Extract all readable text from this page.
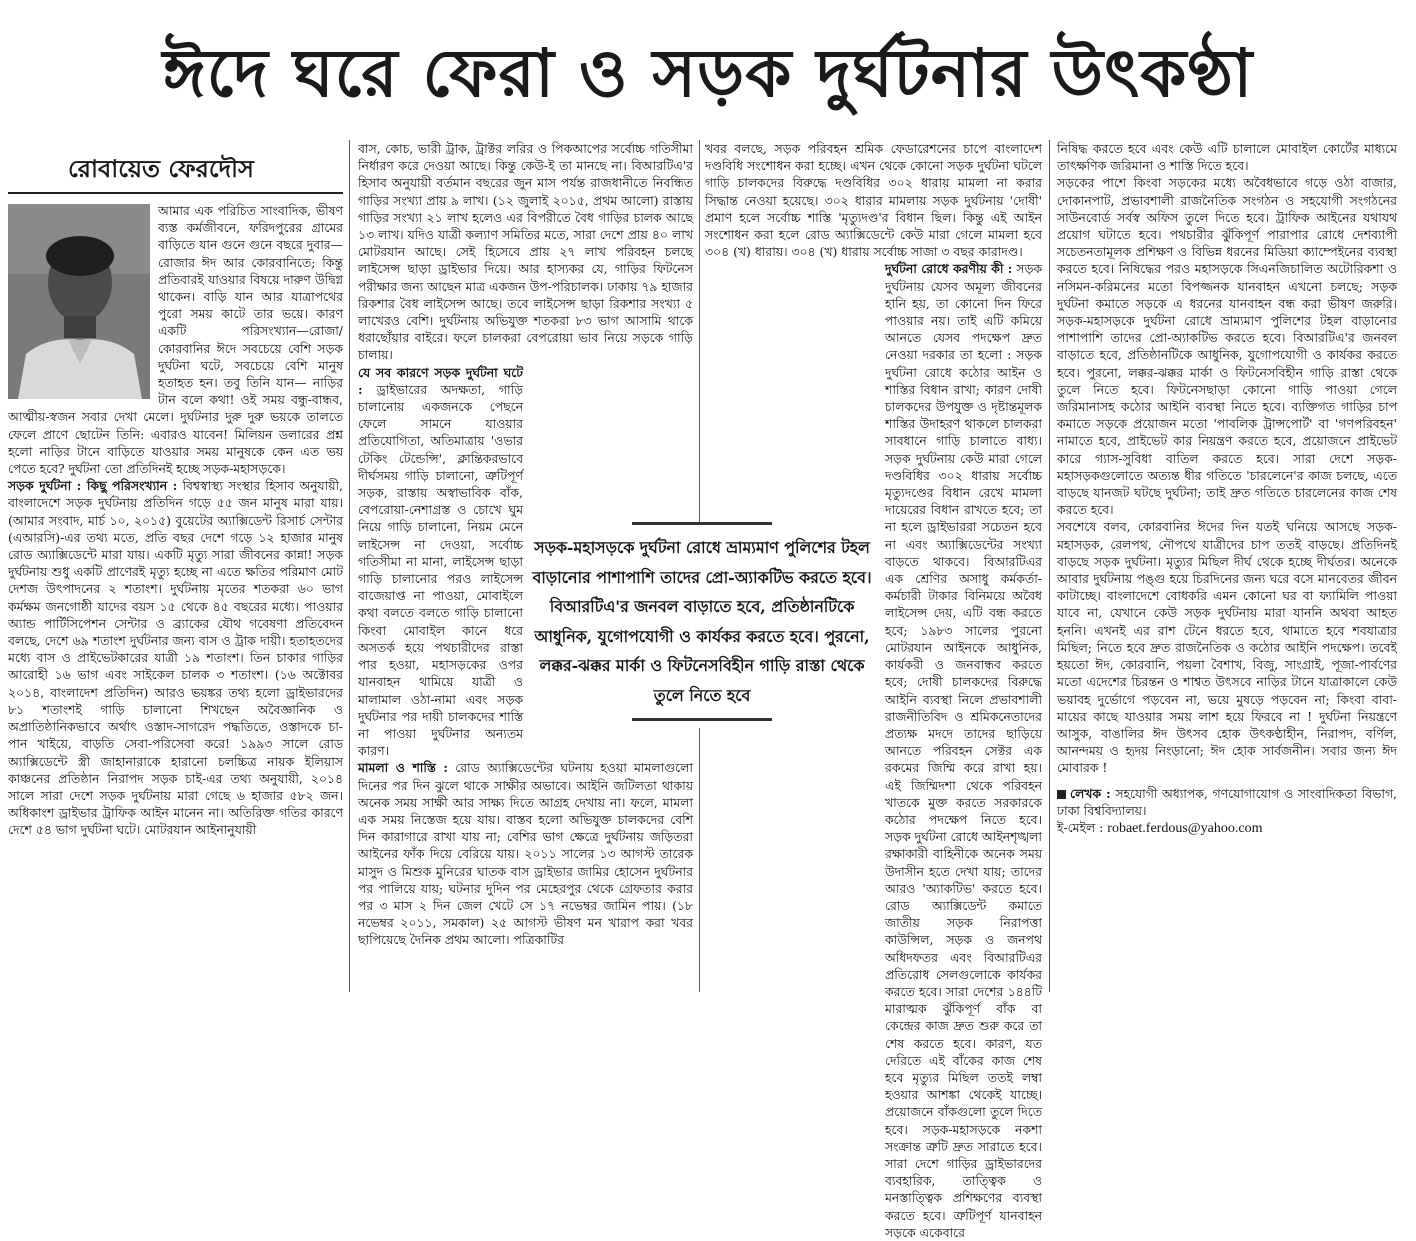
ঈদে ঘরে ফেরা ও সড়ক দুর্ঘটনার উৎকণ্ঠা
রোবায়েত ফেরদৌস

আমার এক পরিচিত সাংবাদিক, ভীষণ ব্যস্ত কর্মজীবনে, ফরিদপুরের গ্রামের বাড়িতে যান গুনে গুনে বছরে দুবার— রোজার ঈদ আর কোরবানিতে; কিন্তু প্রতিবারই যাওয়ার বিষয়ে দারুণ উদ্বিগ্ন থাকেন। বাড়ি যান আর যাত্রাপথের পুরো সময় কাটে তার ভয়ে। কারণ একটি পরিসংখ্যান—রোজা/কোরবানির ঈদে সবচেয়ে বেশি সড়ক দুর্ঘটনা ঘটে, সবচেয়ে বেশি মানুষ হতাহত হন। তবু তিনি যান— নাড়ির টান বলে কথা! ওই সময় বন্ধু-বান্ধব, আত্মীয়-স্বজন সবার দেখা মেলে। দুর্ঘটনার দুরু দুরু ভয়কে তালতে ফেলে প্রাণে ছোটেন তিনি: এবারও যাবেন! মিলিয়ন ডলারের প্রশ্ন হলো নাড়ির টানে বাড়িতে যাওয়ার সময় মানুষকে কেন এত ভয় পেতে হবে? দুর্ঘটনা তো প্রতিদিনই হচ্ছে সড়ক-মহাসড়কে।

সড়ক দুর্ঘটনা : কিছু পরিসংখ্যান : বিশ্বস্বাস্থ্য সংস্থার হিসাব অনুযায়ী, বাংলাদেশে সড়ক দুর্ঘটনায় প্রতিদিন গড়ে ৫৫ জন মানুষ মারা যায়। (আমার সংবাদ, মার্চ ১০, ২০১৫) বুয়েটের অ্যাক্সিডেন্ট রিসার্চ সেন্টার (এআরসি)-এর তথ্য মতে, প্রতি বছর দেশে গড়ে ১২ হাজার মানুষ রোড অ্যাক্সিডেন্টে মারা যায়। একটি মৃত্যু সারা জীবনের কান্না! সড়ক দুর্ঘটনায় শুধু একটি প্রাণেরই মৃত্যু হচ্ছে না এতে ক্ষতির পরিমাণ মোট দেশজ উৎপাদনের ২ শতাংশ। দুর্ঘটনায় মৃতের শতকরা ৬০ ভাগ কর্মক্ষম জনগোষ্ঠী যাদের বয়স ১৫ থেকে ৪৫ বছরের মধ্যে। পাওয়ার অ্যান্ড পার্টিসিপেশন সেন্টার ও ব্র্যাকের যৌথ গবেষণা প্রতিবেদন বলছে, দেশে ৬৯ শতাংশ দুর্ঘটনার জন্য বাস ও ট্রাক দায়ী। হতাহতদের মধ্যে বাস ও প্রাইভেটকারের যাত্রী ১৯ শতাংশ। তিন চাকার গাড়ির আরোহী ১৬ ভাগ এবং সাইকেল চালক ৩ শতাংশ। (১৬ অক্টোবর ২০১৪, বাংলাদেশ প্রতিদিন) আরও ভয়ঙ্কর তথ্য হলো ড্রাইভারদের ৮১ শতাংশই গাড়ি চালানো শিখছেন অবৈজ্ঞানিক ও অপ্রাতিষ্ঠানিকভাবে অর্থাৎ ওস্তাদ-সাগরেদ পদ্ধতিতে, ওস্তাদকে চা-পান খাইয়ে, বাড়তি সেবা-পরিসেবা করে! ১৯৯৩ সালে রোড অ্যাক্সিডেন্টে স্ত্রী জাহানারাকে হারানো চলচ্চিত্র নায়ক ইলিয়াস কাঞ্চনের প্রতিষ্ঠান নিরাপদ সড়ক চাই-এর তথ্য অনুযায়ী, ২০১৪ সালে সারা দেশে সড়ক দুর্ঘটনায় মারা গেছে ৬ হাজার ৫৮২ জন। অধিকাংশ ড্রাইভার ট্রাফিক আইন মানেন না। অতিরিক্ত গতির কারণে দেশে ৫৪ ভাগ দুর্ঘটনা ঘটে। মোটরযান আইনানুযায়ী

বাস, কোচ, ভারী ট্রাক, ট্রাক্টর লরির ও পিকআপের সর্বোচ্চ গতিসীমা নির্ধারণ করে দেওয়া আছে। কিন্তু কেউ-ই তা মানছে না। বিআরটিএ'র হিসাব অনুযায়ী বর্তমান বছরের জুন মাস পর্যন্ত রাজধানীতে নিবন্ধিত গাড়ির সংখ্যা প্রায় ৯ লাখ। (১২ জুলাই ২০১৫, প্রথম আলো) রাস্তায় গাড়ির সংখ্যা ২১ লাখ হলেও এর বিপরীতে বৈধ গাড়ির চালক আছে ১৩ লাখ। যদিও যাত্রী কল্যাণ সমিতির মতে, সারা দেশে প্রায় ৪০ লাখ মোটরযান আছে। সেই হিসেবে প্রায় ২৭ লাখ পরিবহন চলছে লাইসেন্স ছাড়া ড্রাইভার দিয়ে। আর হাস্যকর যে, গাড়ির ফিটনেস পরীক্ষার জন্য আছেন মাত্র একজন উপ-পরিচালক। ঢাকায় ৭৯ হাজার রিকশার বৈধ লাইসেন্স আছে। তবে লাইসেন্স ছাড়া রিকশার সংখ্যা ৫ লাখেরও বেশি। দুর্ঘটনায় অভিযুক্ত শতকরা ৮৩ ভাগ আসামি থাকে ধরাছোঁয়ার বাইরে। ফলে চালকরা বেপরোয়া ভাব নিয়ে সড়কে গাড়ি চালায়।

যে সব কারণে সড়ক দুর্ঘটনা ঘটে : ড্রাইভারের অদক্ষতা, গাড়ি চালানোয় একজনকে পেছনে ফেলে সামনে যাওয়ার প্রতিযোগিতা, অতিমাত্রায় 'ওভার টেকিং টেন্ডেন্সি', ক্লান্তিকরভাবে দীর্ঘসময় গাড়ি চালানো, ত্রুটিপূর্ণ সড়ক, রাস্তায় অস্বাভাবিক বাঁক, বেপরোয়া-নেশাগ্রস্ত ও চোখে ঘুম নিয়ে গাড়ি চালানো, নিয়ম মেনে লাইসেন্স না দেওয়া, সর্বোচ্চ গতিসীমা না মানা, লাইসেন্স ছাড়া গাড়ি চালানোর পরও লাইসেন্স বাজেয়াপ্ত না পাওয়া, মোবাইলে কথা বলতে বলতে গাড়ি চালানো কিংবা মোবাইল কানে ধরে অসতর্ক হয়ে পথচারীদের রাস্তা পার হওয়া, মহাসড়কের ওপর যানবাহন থামিয়ে যাত্রী ও মালামাল ওঠা-নামা এবং সড়ক দুর্ঘটনার পর দায়ী চালকদের শাস্তি না পাওয়া দুর্ঘটনার অন্যতম কারণ।

মামলা ও শাস্তি : রোড অ্যাক্সিডেন্টের ঘটনায় হওয়া মামলাগুলো দিনের পর দিন ঝুলে থাকে সাক্ষীর অভাবে। আইনি জটিলতা থাকায় অনেক সময় সাক্ষী আর সাক্ষ্য দিতে আগ্রহ দেখায় না। ফলে, মামলা এক সময় নিস্তেজ হয়ে যায়। বাস্তব হলো অভিযুক্ত চালকদের বেশি দিন কারাগারে রাখা যায় না; বেশির ভাগ ক্ষেত্রে দুর্ঘটনায় জড়িতরা আইনের ফাঁক দিয়ে বেরিয়ে যায়। ২০১১ সালের ১৩ আগস্ট তারেক মাসুদ ও মিশুক মুনিরের ঘাতক বাস ড্রাইভার জামির হোসেন দুর্ঘটনার পর পালিয়ে যায়; ঘটনার দুদিন পর মেহেরপুর থেকে গ্রেফতার করার পর ৩ মাস ২ দিন জেল খেটে সে ১৭ নভেম্বর জামিন পায়। (১৮ নভেম্বর ২০১১, সমকাল) ২৫ আগস্ট ভীষণ মন খারাপ করা খবর ছাপিয়েছে দৈনিক প্রথম আলো। পত্রিকাটির

খবর বলছে, সড়ক পরিবহন শ্রমিক ফেডারেশনের চাপে বাংলাদেশ দণ্ডবিধি সংশোধন করা হচ্ছে। এখন থেকে কোনো সড়ক দুর্ঘটনা ঘটলে গাড়ি চালকদের বিরুদ্ধে দণ্ডবিধির ৩০২ ধারায় মামলা না করার সিদ্ধান্ত নেওয়া হয়েছে। ৩০২ ধারার মামলায় সড়ক দুর্ঘটনায় 'দোষী' প্রমাণ হলে সর্বোচ্চ শাস্তি 'মৃত্যুদণ্ড'র বিধান ছিল। কিন্তু এই আইন সংশোধন করা হলে রোড অ্যাক্সিডেন্টে কেউ মারা গেলে মামলা হবে ৩০৪ (খ) ধারায়। ৩০৪ (খ) ধারায় সর্বোচ্চ সাজা ৩ বছর কারাদণ্ড।

দুর্ঘটনা রোধে করণীয় কী : সড়ক দুর্ঘটনায় যেসব অমূল্য জীবনের হানি হয়, তা কোনো দিন ফিরে পাওয়ার নয়। তাই এটি কমিয়ে আনতে যেসব পদক্ষেপ দ্রুত নেওয়া দরকার তা হলো : সড়ক দুর্ঘটনা রোধে কঠোর আইন ও শাস্তির বিধান রাখা; কারণ দোষী চালকদের উপযুক্ত ও দৃষ্টান্তমূলক শাস্তির উদাহরণ থাকলে চালকরা সাবধানে গাড়ি চালাতে বাধ্য। সড়ক দুর্ঘটনায় কেউ মারা গেলে দণ্ডবিধির ৩০২ ধারায় সর্বোচ্চ মৃত্যুদণ্ডের বিধান রেখে মামলা দায়েরের বিধান রাখতে হবে; তা না হলে ড্রাইভাররা সচেতন হবে না এবং অ্যাক্সিডেন্টের সংখ্যা বাড়তে থাকবে। বিআরটিএর এক শ্রেণির অসাধু কর্মকর্তা-কর্মচারী টাকার বিনিময়ে অবৈধ লাইসেন্স দেয়, এটি বন্ধ করতে হবে; ১৯৮৩ সালের পুরনো মোটরযান আইনকে আধুনিক, কার্যকরী ও জনবান্ধব করতে হবে; দোষী চালকদের বিরুদ্ধে আইনি ব্যবস্থা নিলে প্রভাবশালী রাজনীতিবিদ ও শ্রমিকনেতাদের প্রত্যক্ষ মদদে তাদের ছাড়িয়ে আনতে পরিবহন সেক্টর এক রকমের জিম্মি করে রাখা হয়। এই জিম্মিদশা থেকে পরিবহন খাতকে মুক্ত করতে সরকারকে কঠোর পদক্ষেপ নিতে হবে। সড়ক দুর্ঘটনা রোধে আইনশৃঙ্খলা রক্ষাকারী বাহিনীকে অনেক সময় উদাসীন হতে দেখা যায়; তাদের আরও 'অ্যাকটিভ' করতে হবে। রোড অ্যাক্সিডেন্ট কমাতে জাতীয় সড়ক নিরাপত্তা কাউন্সিল, সড়ক ও জনপথ অধিদফতর এবং বিআরটিএর প্রতিরোধ সেলগুলোকে কার্যকর করতে হবে। সারা দেশের ১৪৪টি মারাত্মক ঝুঁকিপূর্ণ বাঁক বা কেন্দ্রের কাজ দ্রুত শুরু করে তা শেষ করতে হবে। কারণ, যত দেরিতে এই বাঁকের কাজ শেষ হবে মৃত্যুর মিছিল ততই লম্বা হওয়ার আশঙ্কা থেকেই যাচ্ছে। প্রয়োজনে বাঁকগুলো তুলে দিতে হবে। সড়ক-মহাসড়কে নকশা সংক্রান্ত ত্রুটি দ্রুত সারাতে হবে। সারা দেশে গাড়ির ড্রাইভারদের ব্যবহারিক, তাত্ত্বিক ও মনস্তাত্ত্বিক প্রশিক্ষণের ব্যবস্থা করতে হবে। ত্রুটিপূর্ণ যানবাহন সড়কে একেবারে

নিষিদ্ধ করতে হবে এবং কেউ এটি চালালে মোবাইল কোর্টের মাধ্যমে তাৎক্ষণিক জরিমানা ও শাস্তি দিতে হবে।

সড়কের পাশে কিংবা সড়কের মধ্যে অবৈধভাবে গড়ে ওঠা বাজার, দোকানপাট, প্রভাবশালী রাজনৈতিক সংগঠন ও সহযোগী সংগঠনের সাউনবোর্ড সর্বস্ব অফিস তুলে দিতে হবে। ট্রাফিক আইনের যথাযথ প্রয়োগ ঘটাতে হবে। পথচারীর ঝুঁকিপূর্ণ পারাপার রোধে দেশব্যাপী সচেতনতামূলক প্রশিক্ষণ ও বিভিন্ন ধরনের মিডিয়া ক্যাম্পেইনের ব্যবস্থা করতে হবে। নিষিদ্ধের পরও মহাসড়কে সিএনজিচালিত অটোরিকশা ও নসিমন-করিমনের মতো বিপজ্জনক যানবাহন এখনো চলছে; সড়ক দুর্ঘটনা কমাতে সড়কে এ ধরনের যানবাহন বন্ধ করা ভীষণ জরুরি। সড়ক-মহাসড়কে দুর্ঘটনা রোধে ভ্রাম্যমাণ পুলিশের টহল বাড়ানোর পাশাপাশি তাদের প্রো-অ্যাকটিভ করতে হবে। বিআরটিএ'র জনবল বাড়াতে হবে, প্রতিষ্ঠানটিকে আধুনিক, যুগোপযোগী ও কার্যকর করতে হবে। পুরনো, লক্কর-ঝক্কর মার্কা ও ফিটনেসবিহীন গাড়ি রাস্তা থেকে তুলে নিতে হবে। ফিটনেসছাড়া কোনো গাড়ি পাওয়া গেলে জরিমানাসহ কঠোর আইনি ব্যবস্থা নিতে হবে। ব্যক্তিগত গাড়ির চাপ কমাতে সড়কে প্রয়োজন মতো 'পাবলিক ট্রান্সপোর্ট' বা 'গণপরিবহন' নামাতে হবে, প্রাইভেট কার নিয়ন্ত্রণ করতে হবে, প্রয়োজনে প্রাইভেট কারে গ্যাস-সুবিধা বাতিল করতে হবে। সারা দেশে সড়ক-মহাসড়কগুলোতে অত্যন্ত ধীর গতিতে 'চারলেনে'র কাজ চলছে, এতে বাড়ছে যানজট ঘটছে দুর্ঘটনা; তাই দ্রুত গতিতে চারলেনের কাজ শেষ করতে হবে।

সবশেষে বলব, কোরবানির ঈদের দিন যতই ঘনিয়ে আসছে সড়ক-মহাসড়ক, রেলপথ, নৌপথে যাত্রীদের চাপ ততই বাড়ছে। প্রতিদিনই বাড়ছে সড়ক দুর্ঘটনা। মৃত্যুর মিছিল দীর্ঘ থেকে হচ্ছে দীর্ঘতর। অনেকে আবার দুর্ঘটনায় পঙ্গু হয়ে চিরদিনের জন্য ঘরে বসে মানবেতর জীবন কাটাচ্ছে। বাংলাদেশে বোধকরি এমন কোনো ঘর বা ফ্যামিলি পাওয়া যাবে না, যেখানে কেউ সড়ক দুর্ঘটনায় মারা যাননি অথবা আহত হননি। এখনই এর রাশ টেনে ধরতে হবে, থামাতে হবে শবযাত্রার মিছিল; নিতে হবে দ্রুত রাজনৈতিক ও কঠোর আইনি পদক্ষেপ। তবেই হয়তো ঈদ, কোরবানি, পয়লা বৈশাখ, বিজু, সাংগ্রাই, পূজা-পার্বণের মতো এদেশের চিরন্তন ও শাশ্বত উৎসবে নাড়ির টানে যাত্রাকালে কেউ ভয়াবহ দুর্ভোগে পড়বেন না, ভয়ে মুষড়ে পড়বেন না; কিংবা বাবা-মায়ের কাছে যাওয়ার সময় লাশ হয়ে ফিরবে না ! দুর্ঘটনা নিয়ন্ত্রণে আসুক, বাঙালির ঈদ উৎসব হোক উৎকণ্ঠাহীন, নিরাপদ, বর্ণিল, আনন্দময় ও হৃদয় নিংড়ানো; ঈদ হোক সার্বজনীন। সবার জন্য ঈদ মোবারক !

লেখক : সহযোগী অধ্যাপক, গণযোগাযোগ ও সাংবাদিকতা বিভাগ, ঢাকা বিশ্ববিদ্যালয়।

ই-মেইল : robaet.ferdous@yahoo.com

সড়ক-মহাসড়কে দুর্ঘটনা রোধে ভ্রাম্যমাণ পুলিশের টহল বাড়ানোর পাশাপাশি তাদের প্রো-অ্যাকটিভ করতে হবে। বিআরটিএ'র জনবল বাড়াতে হবে, প্রতিষ্ঠানটিকে আধুনিক, যুগোপযোগী ও কার্যকর করতে হবে। পুরনো, লক্কর-ঝক্কর মার্কা ও ফিটনেসবিহীন গাড়ি রাস্তা থেকে তুলে নিতে হবে
